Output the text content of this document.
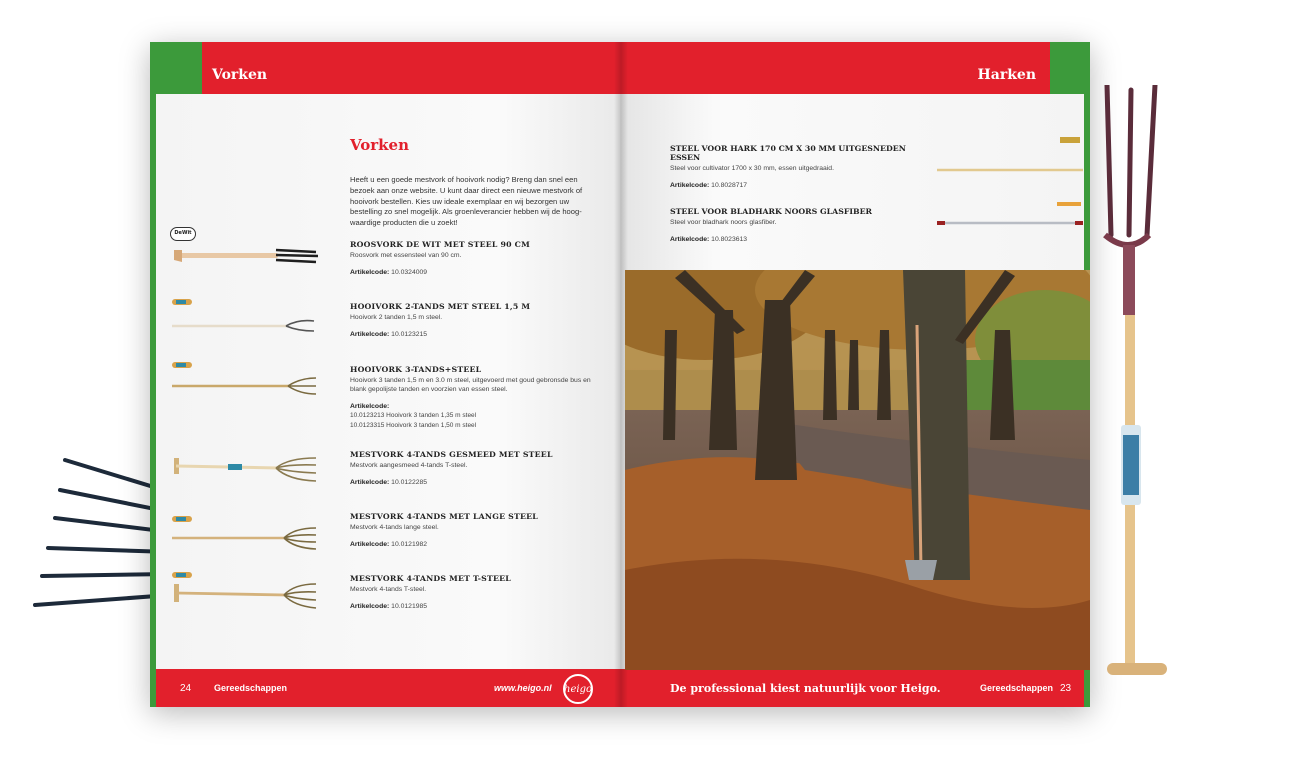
Vorken
Vorken
Heeft u een goede mestvork of hooivork nodig? Breng dan snel een bezoek aan onze website. U kunt daar direct een nieuwe mestvork of hooivork bestellen. Kies uw ideale exemplaar en wij bezorgen uw bestelling zo snel mogelijk. Als groenleverancier hebben wij de hoog-waardige producten die u zoekt!
DeWit
ROOSVORK DE WIT MET STEEL 90 CM
Roosvork met essensteel van 90 cm.
Artikelcode: 10.0324009
HOOIVORK 2-TANDS MET STEEL 1,5 M
Hooivork 2 tanden 1,5 m steel.
Artikelcode: 10.0123215
HOOIVORK 3-TANDS+STEEL
Hooivork 3 tanden 1,5 m en 3.0 m steel, uitgevoerd met goud gebronsde bus en blank gepolijste tanden en voorzien van essen steel.
Artikelcode:
10.0123213 Hooivork 3 tanden 1,35 m steel
10.0123315 Hooivork 3 tanden 1,50 m steel
MESTVORK 4-TANDS GESMEED MET STEEL
Mestvork aangesmeed 4-tands T-steel.
Artikelcode: 10.0122285
MESTVORK 4-TANDS MET LANGE STEEL
Mestvork 4-tands lange steel.
Artikelcode: 10.0121982
MESTVORK 4-TANDS MET T-STEEL
Mestvork 4-tands T-steel.
Artikelcode: 10.0121985
24	Gereedschappen	www.heigo.nl heigo
Harken
STEEL VOOR HARK 170 CM X 30 MM UITGESNEDEN ESSEN
Steel voor cultivator 1700 x 30 mm, essen uitgedraaid.
Artikelcode: 10.8028717
STEEL VOOR BLADHARK NOORS GLASFIBER
Steel voor bladhark noors glasfiber.
Artikelcode: 10.8023613
De professional kiest natuurlijk voor Heigo.	Gereedschappen 23
